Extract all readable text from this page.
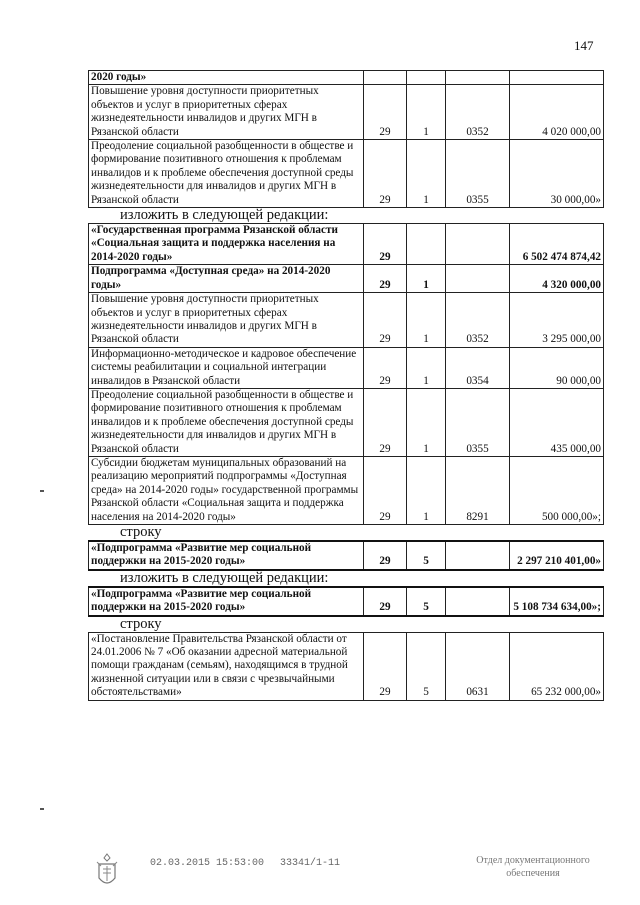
147
2020 годы»				
Повышение уровня доступности приоритетных объектов и услуг в приоритетных сферах жизнедеятельности инвалидов и других МГН в Рязанской области	29	1	0352	4 020 000,00
Преодоление социальной разобщенности в обществе и формирование позитивного отношения к проблемам инвалидов и к проблеме обеспечения доступной среды жизнедеятельности для инвалидов и других МГН в Рязанской области	29	1	0355	30 000,00»
изложить в следующей редакции:
«Государственная программа Рязанской области «Социальная защита и поддержка населения на 2014-2020 годы»	29			6 502 474 874,42
Подпрограмма «Доступная среда» на 2014-2020 годы»	29	1		4 320 000,00
Повышение уровня доступности приоритетных объектов и услуг в приоритетных сферах жизнедеятельности инвалидов и других МГН в Рязанской области	29	1	0352	3 295 000,00
Информационно-методическое и кадровое обеспечение системы реабилитации и социальной интеграции инвалидов в Рязанской области	29	1	0354	90 000,00
Преодоление социальной разобщенности в обществе и формирование позитивного отношения к проблемам инвалидов и к проблеме обеспечения доступной среды жизнедеятельности для инвалидов и других МГН в Рязанской области	29	1	0355	435 000,00
Субсидии бюджетам муниципальных образований на реализацию мероприятий подпрограммы «Доступная среда» на 2014-2020 годы» государственной программы Рязанской области «Социальная защита и поддержка населения на 2014-2020 годы»	29	1	8291	500 000,00»;
строку
«Подпрограмма «Развитие мер социальной поддержки на 2015-2020 годы»	29	5		2 297 210 401,00»
изложить в следующей редакции:
«Подпрограмма «Развитие мер социальной поддержки на 2015-2020 годы»	29	5		5 108 734 634,00»;
строку
«Постановление Правительства Рязанской области от 24.01.2006 № 7 «Об оказании адресной материальной помощи гражданам (семьям), находящимся в трудной жизненной ситуации или в связи с чрезвычайными обстоятельствами»	29	5	0631	65 232 000,00»
02.03.2015 15:53:00 33341/1-11	Отдел документационного
обеспечения
